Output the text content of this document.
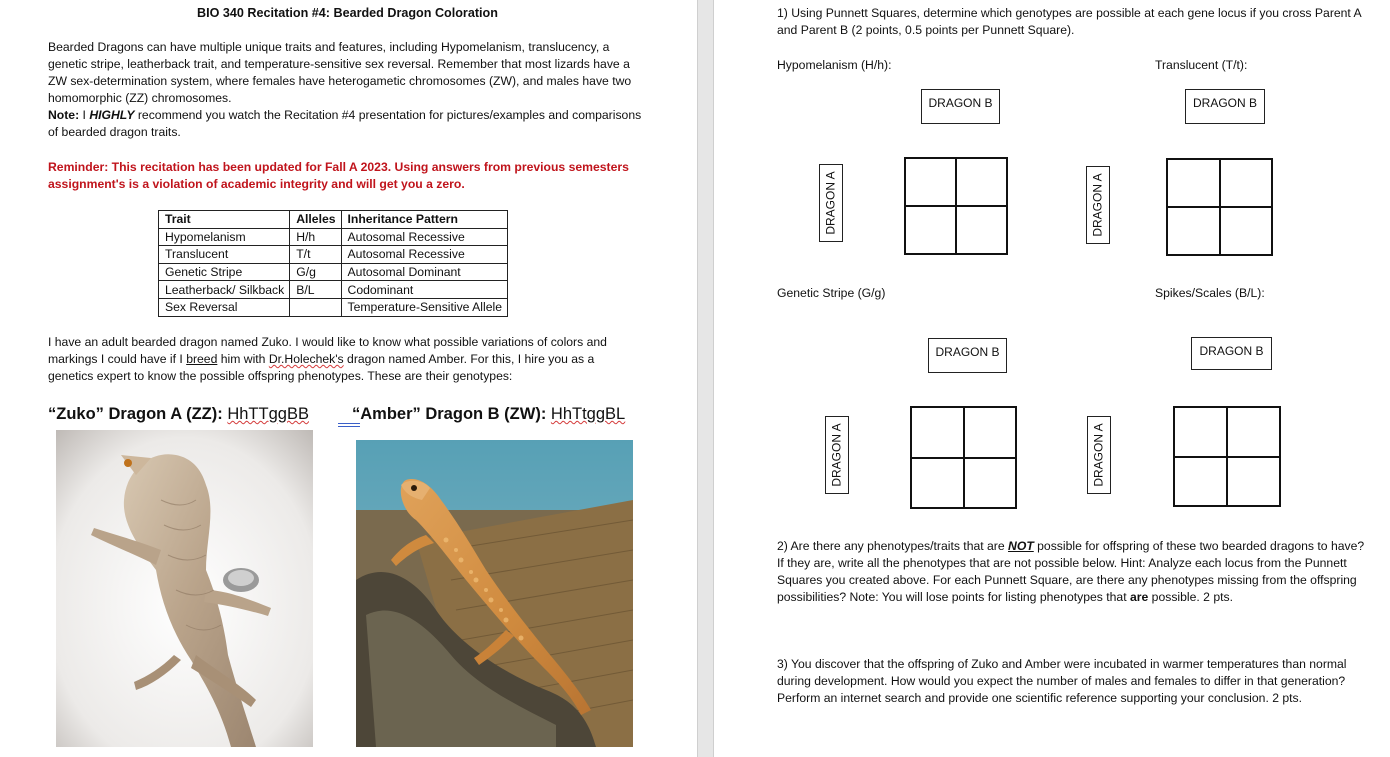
BIO 340 Recitation #4: Bearded Dragon Coloration
Bearded Dragons can have multiple unique traits and features, including Hypomelanism, translucency, a genetic stripe, leatherback trait, and temperature-sensitive sex reversal. Remember that most lizards have a ZW sex-determination system, where females have heterogametic chromosomes (ZW), and males have two homomorphic (ZZ) chromosomes.
Note: I HIGHLY recommend you watch the Recitation #4 presentation for pictures/examples and comparisons of bearded dragon traits.
Reminder: This recitation has been updated for Fall A 2023. Using answers from previous semesters assignment's is a violation of academic integrity and will get you a zero.
Trait	Alleles	Inheritance Pattern
Hypomelanism	H/h	Autosomal Recessive
Translucent	T/t	Autosomal Recessive
Genetic Stripe	G/g	Autosomal Dominant
Leatherback/ Silkback	B/L	Codominant
Sex Reversal		Temperature-Sensitive Allele
I have an adult bearded dragon named Zuko. I would like to know what possible variations of colors and markings I could have if I breed him with Dr.Holechek's dragon named Amber. For this, I hire you as a genetics expert to know the possible offspring phenotypes. These are their genotypes:
“Zuko” Dragon A (ZZ): HhTTggBB	“Amber” Dragon B (ZW): HhTtggBL
1) Using Punnett Squares, determine which genotypes are possible at each gene locus if you cross Parent A and Parent B (2 points, 0.5 points per Punnett Square).
Hypomelanism (H/h):	Translucent (T/t):
Genetic Stripe (G/g)	Spikes/Scales (B/L):
DRAGON B
DRAGON A
DRAGON B
DRAGON A
DRAGON B
DRAGON A
DRAGON B
DRAGON A
2) Are there any phenotypes/traits that are NOT possible for offspring of these two bearded dragons to have? If they are, write all the phenotypes that are not possible below. Hint: Analyze each locus from the Punnett Squares you created above. For each Punnett Square, are there any phenotypes missing from the offspring possibilities? Note: You will lose points for listing phenotypes that are possible. 2 pts.
3) You discover that the offspring of Zuko and Amber were incubated in warmer temperatures than normal during development. How would you expect the number of males and females to differ in that generation? Perform an internet search and provide one scientific reference supporting your conclusion. 2 pts.
